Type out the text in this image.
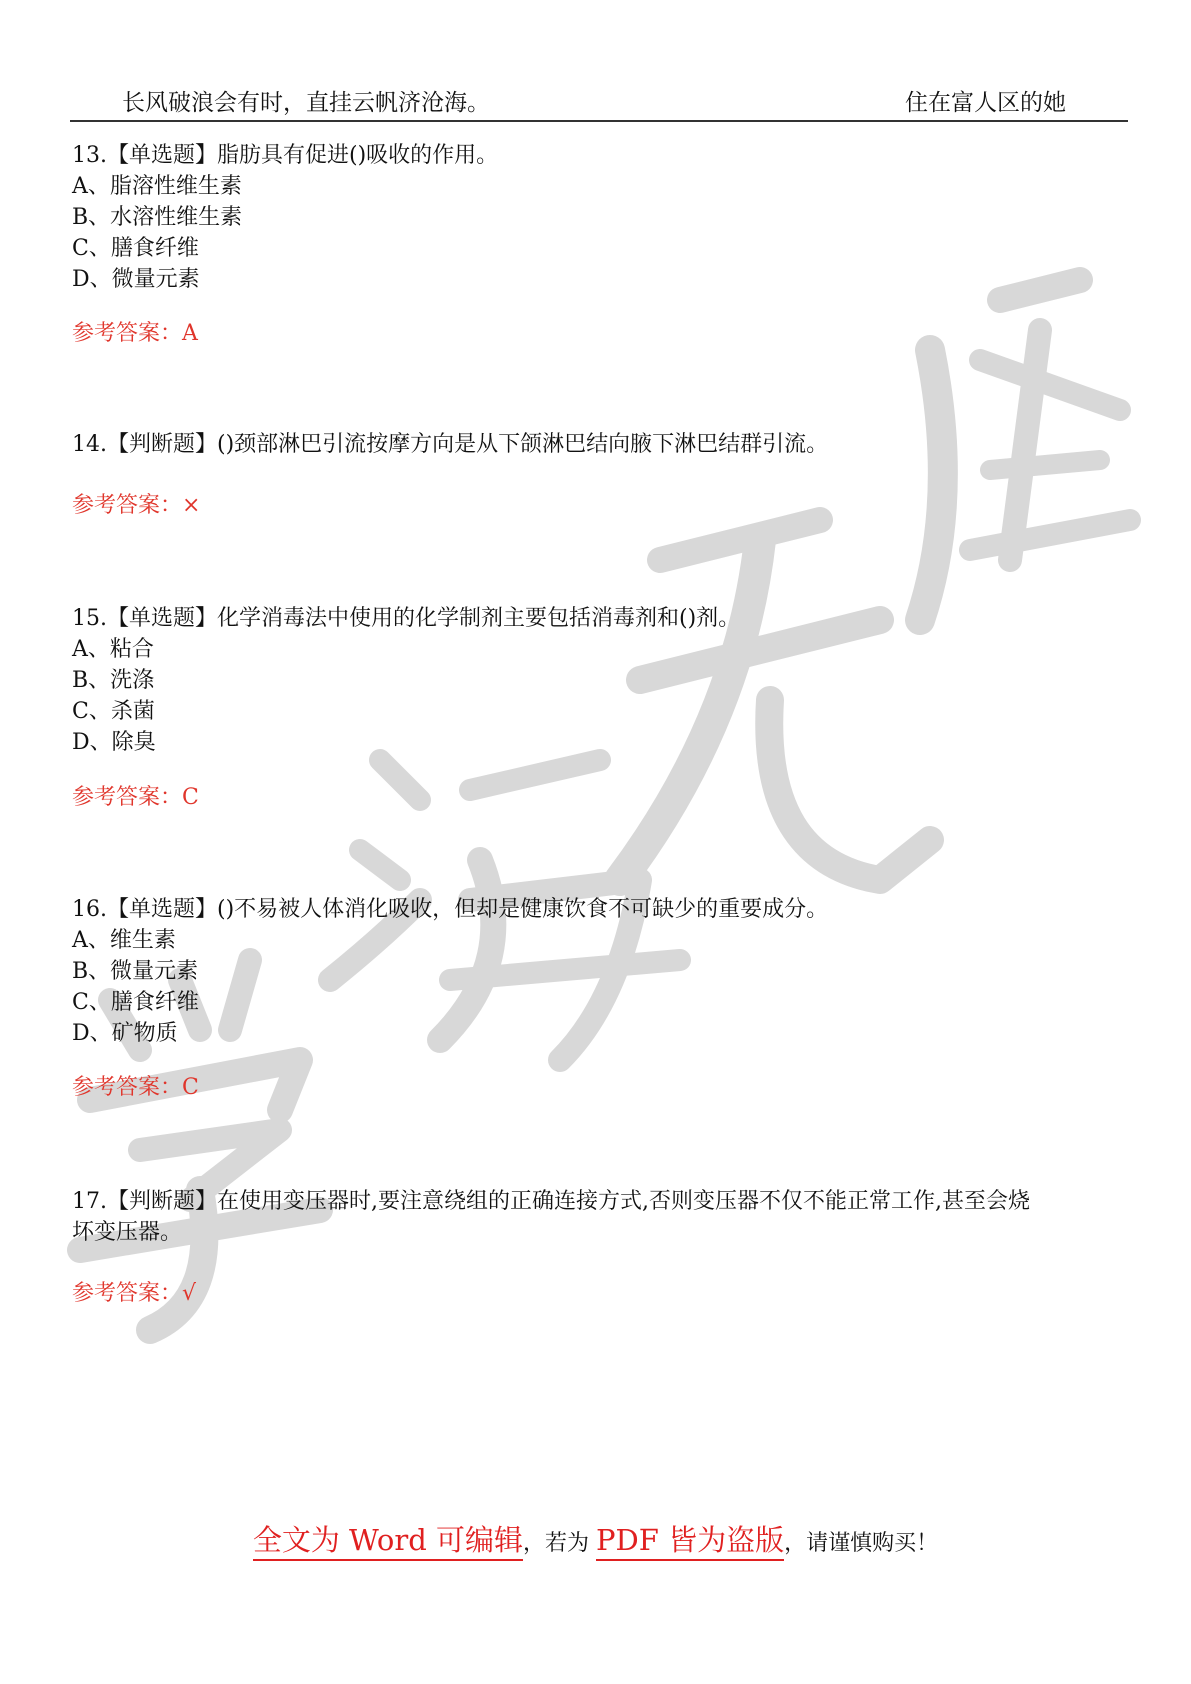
长风破浪会有时，直挂云帆济沧海。	住在富人区的她

13.【单选题】脂肪具有促进()吸收的作用。

A、脂溶性维生素

B、水溶性维生素

C、膳食纤维

D、微量元素

参考答案：A

14.【判断题】()颈部淋巴引流按摩方向是从下颌淋巴结向腋下淋巴结群引流。

参考答案：×

15.【单选题】化学消毒法中使用的化学制剂主要包括消毒剂和()剂。

A、粘合

B、洗涤

C、杀菌

D、除臭

参考答案：C

16.【单选题】()不易被人体消化吸收，但却是健康饮食不可缺少的重要成分。

A、维生素

B、微量元素

C、膳食纤维

D、矿物质

参考答案：C

17.【判断题】在使用变压器时,要注意绕组的正确连接方式,否则变压器不仅不能正常工作,甚至会烧

坏变压器。

参考答案：√
全文为 Word 可编辑，若为 PDF 皆为盗版，请谨慎购买！
